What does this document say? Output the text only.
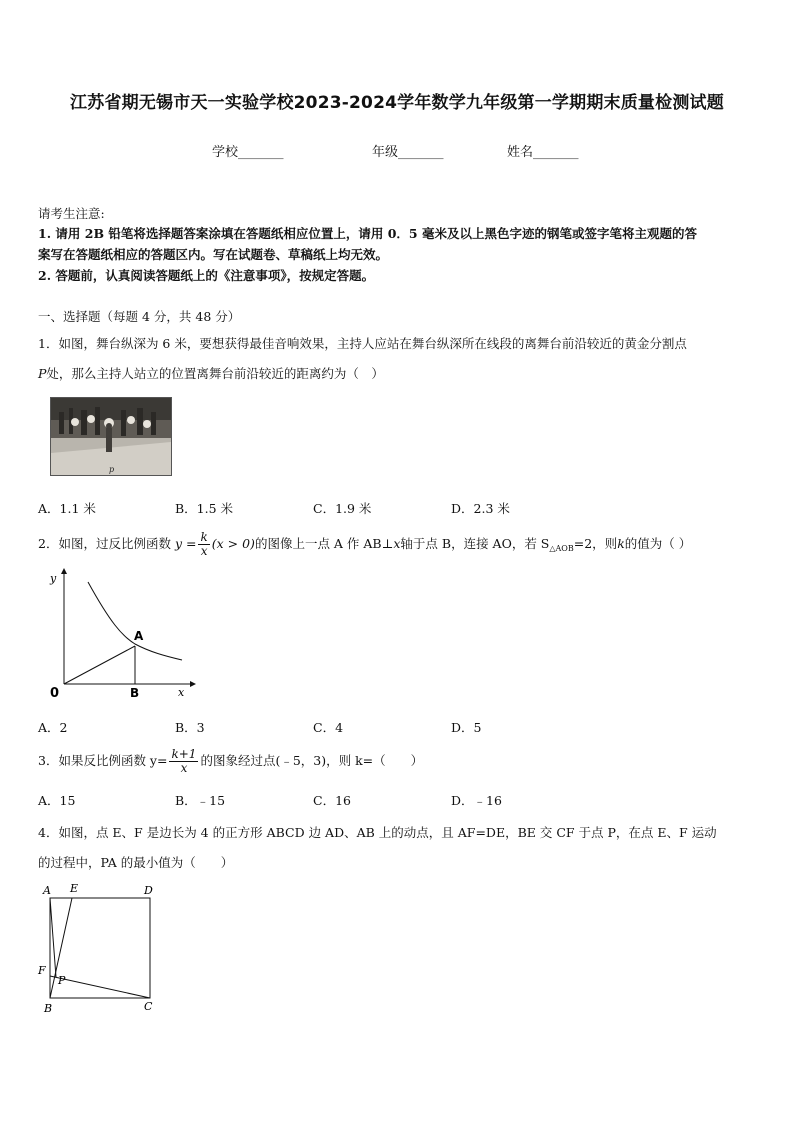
江苏省期无锡市天一实验学校2023-2024学年数学九年级第一学期期末质量检测试题
学校_______	年级_______	姓名_______
请考生注意:
1. 请用 2B 铅笔将选择题答案涂填在答题纸相应位置上，请用 0．5 毫米及以上黑色字迹的钢笔或签字笔将主观题的答
案写在答题纸相应的答题区内。写在试题卷、草稿纸上均无效。
2. 答题前，认真阅读答题纸上的《注意事项》，按规定答题。
一、选择题（每题 4 分，共 48 分）
1．如图，舞台纵深为 6 米，要想获得最佳音响效果，主持人应站在舞台纵深所在线段的离舞台前沿较近的黄金分割点
P处，那么主持人站立的位置离舞台前沿较近的距离约为（　）
p
A．1.1 米	B．1.5 米	C．1.9 米	D．2.3 米
2．如图，过反比例函数 $y = \frac{k}{x} (x > 0)$的图像上一点 A 作 AB⊥x轴于点 B，连接 AO，若 $S_{\triangle AOB}=2$，则k的值为（ ）
y
x
0
A
B
A．2	B．3	C．4	D．5
3．如果反比例函数 $y= \frac{k+1}{x}$ 的图象经过点(﹣5，3)，则 k=（　　）
A．15	B．﹣15	C．16	D．﹣16
4．如图，点 E、F 是边长为 4 的正方形 ABCD 边 AD、AB 上的动点，且 AF=DE，BE 交 CF 于点 P，在点 E、F 运动
的过程中，PA 的最小值为（　　）
A E	D
F
P
B	C
